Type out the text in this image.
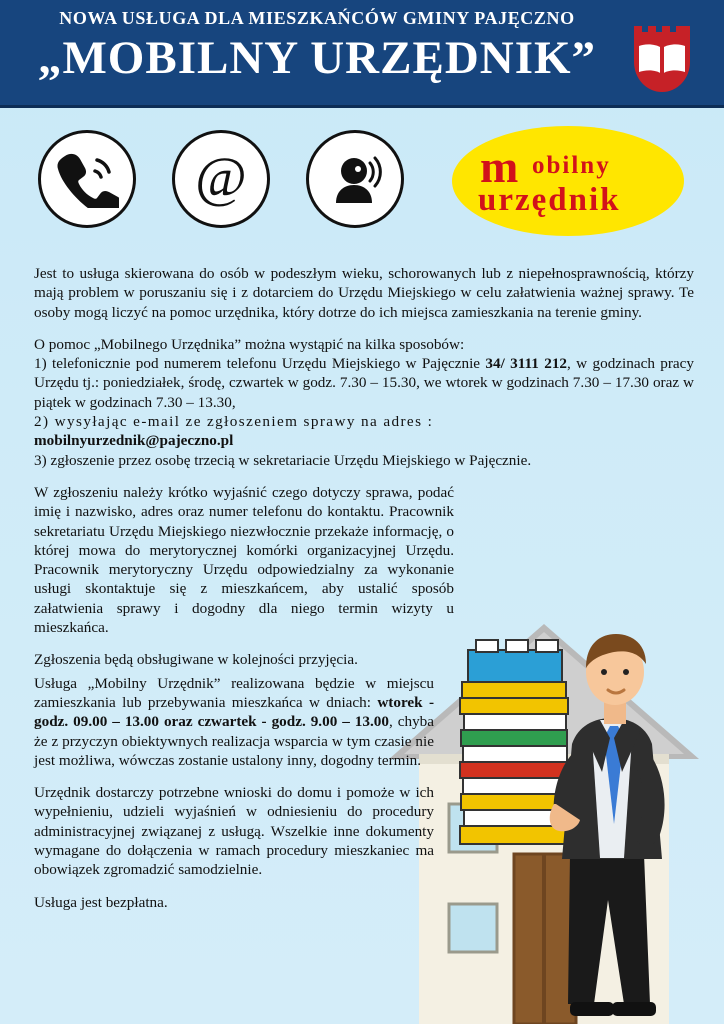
NOWA USŁUGA DLA MIESZKAŃCÓW GMINY PAJĘCZNO
„MOBILNY URZĘDNIK”
@	m obilny
urzędnik

Jest to usługa skierowana do osób w podeszłym wieku, schorowanych lub z niepełnosprawnością, którzy mają problem w poruszaniu się i z dotarciem do Urzędu Miejskiego w celu załatwienia ważnej sprawy. Te osoby mogą liczyć na pomoc urzędnika, który dotrze do ich miejsca zamieszkania na terenie gminy.

O pomoc „Mobilnego Urzędnika” można wystąpić na kilka sposobów:

1) telefonicznie pod numerem telefonu Urzędu Miejskiego w Pajęcznie 34/ 3111 212, w godzinach pracy Urzędu tj.: poniedziałek, środę, czwartek w godz. 7.30 – 15.30, we wtorek w godzinach 7.30 – 17.30 oraz w piątek w godzinach 7.30 – 13.30,

2) wysyłając e-mail ze zgłoszeniem sprawy na adres :

mobilnyurzednik@pajeczno.pl

3) zgłoszenie przez osobę trzecią w sekretariacie Urzędu Miejskiego w Pajęcznie.

W zgłoszeniu należy krótko wyjaśnić czego dotyczy sprawa, podać imię i nazwisko, adres oraz numer telefonu do kontaktu. Pracownik sekretariatu Urzędu Miejskiego niezwłocznie przekaże informację, o której mowa do merytorycznej komórki organizacyjnej Urzędu. Pracownik merytoryczny Urzędu odpowiedzialny za wykonanie usługi skontaktuje się z mieszkańcem, aby ustalić sposób załatwienia sprawy i dogodny dla niego termin wizyty u mieszkańca.

Zgłoszenia będą obsługiwane w kolejności przyjęcia.

Usługa „Mobilny Urzędnik” realizowana będzie w miejscu zamieszkania lub przebywania mieszkańca w dniach: wtorek - godz. 09.00 – 13.00 oraz czwartek - godz. 9.00 – 13.00, chyba że z przyczyn obiektywnych realizacja wsparcia w tym czasie nie jest możliwa, wówczas zostanie ustalony inny, dogodny termin.

Urzędnik dostarczy potrzebne wnioski do domu i pomoże w ich wypełnieniu, udzieli wyjaśnień w odniesieniu do procedury administracyjnej związanej z usługą. Wszelkie inne dokumenty wymagane do dołączenia w ramach procedury mieszkaniec ma obowiązek zgromadzić samodzielnie.

Usługa jest bezpłatna.
